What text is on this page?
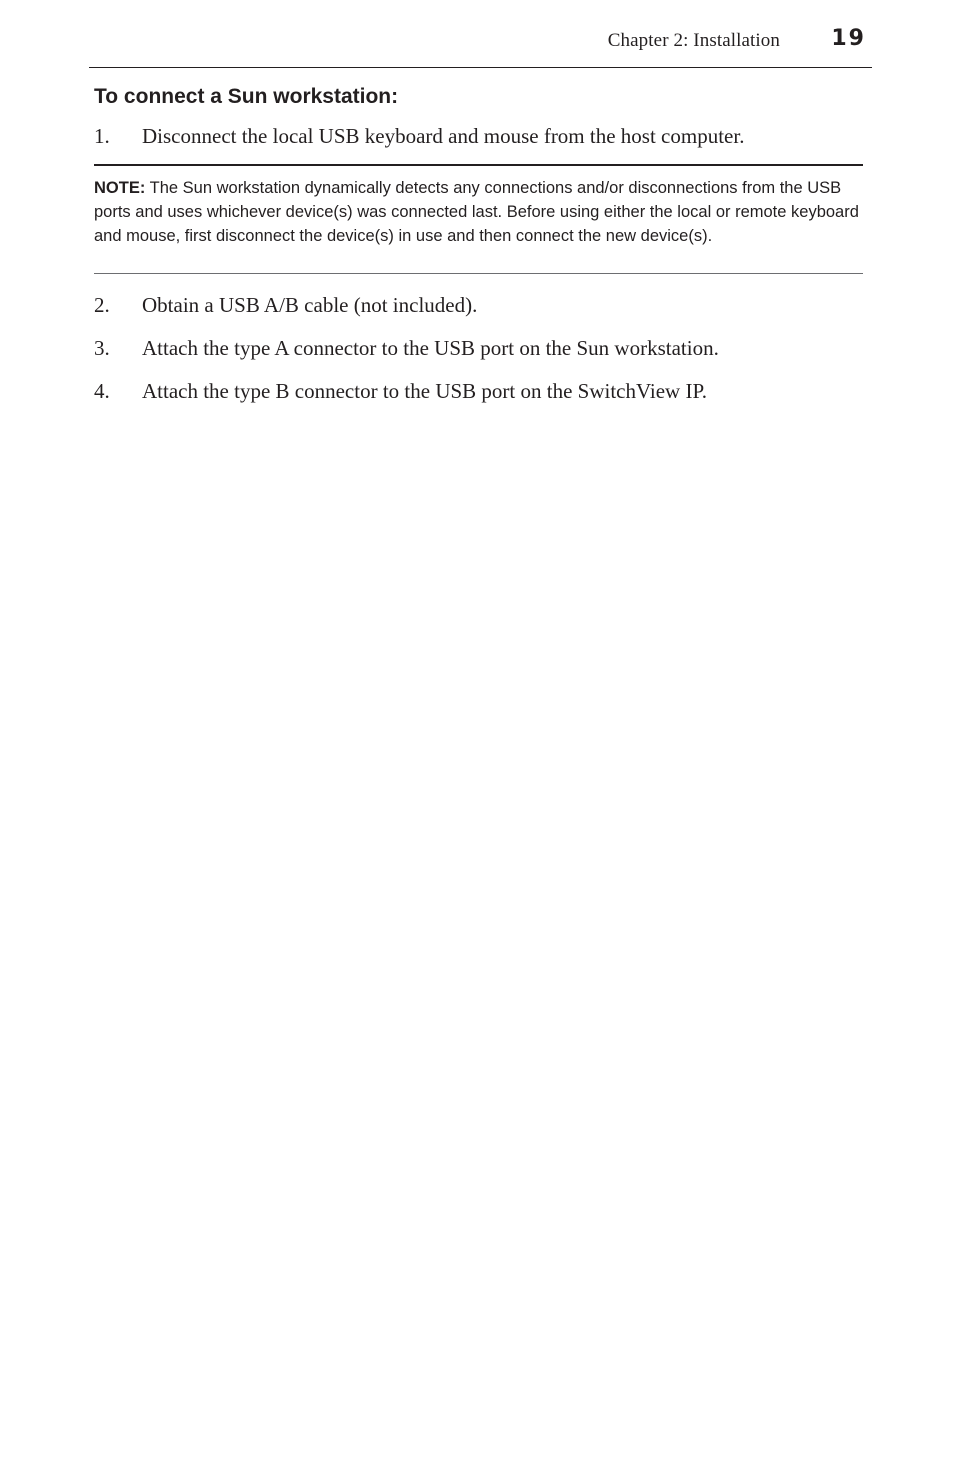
Chapter 2: Installation 19
To connect a Sun workstation:
1. Disconnect the local USB keyboard and mouse from the host computer.
NOTE: The Sun workstation dynamically detects any connections and/or disconnections from the USB ports and uses whichever device(s) was connected last. Before using either the local or remote keyboard and mouse, first disconnect the device(s) in use and then connect the new device(s).
2. Obtain a USB A/B cable (not included).
3. Attach the type A connector to the USB port on the Sun workstation.
4. Attach the type B connector to the USB port on the SwitchView IP.
